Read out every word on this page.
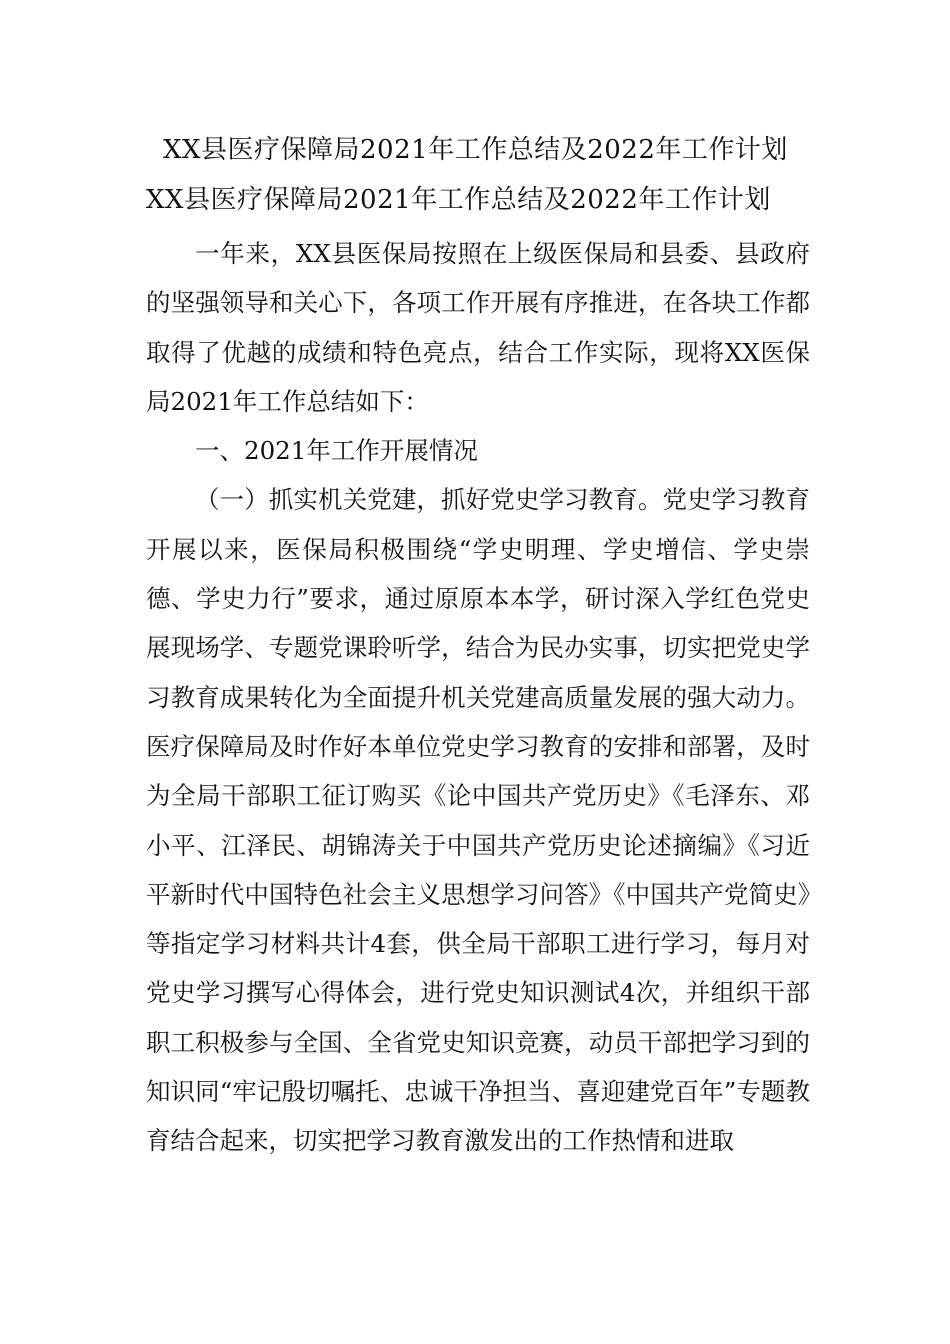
XX县医疗保障局2021年工作总结及2022年工作计划
XX县医疗保障局2021年工作总结及2022年工作计划

一年来，XX县医保局按照在上级医保局和县委、县政府的坚强领导和关心下，各项工作开展有序推进，在各块工作都取得了优越的成绩和特色亮点，结合工作实际，现将XX医保局2021年工作总结如下：

一、2021年工作开展情况

（一）抓实机关党建，抓好党史学习教育。党史学习教育开展以来，医保局积极围绕“学史明理、学史增信、学史崇德、学史力行”要求，通过原原本本学，研讨深入学红色党史展现场学、专题党课聆听学，结合为民办实事，切实把党史学习教育成果转化为全面提升机关党建高质量发展的强大动力。医疗保障局及时作好本单位党史学习教育的安排和部署，及时为全局干部职工征订购买《论中国共产党历史》《毛泽东、邓小平、江泽民、胡锦涛关于中国共产党历史论述摘编》《习近平新时代中国特色社会主义思想学习问答》《中国共产党简史》等指定学习材料共计4套，供全局干部职工进行学习，每月对党史学习撰写心得体会，进行党史知识测试4次，并组织干部职工积极参与全国、全省党史知识竞赛，动员干部把学习到的知识同“牢记殷切嘱托、忠诚干净担当、喜迎建党百年”专题教育结合起来，切实把学习教育激发出的工作热情和进取
